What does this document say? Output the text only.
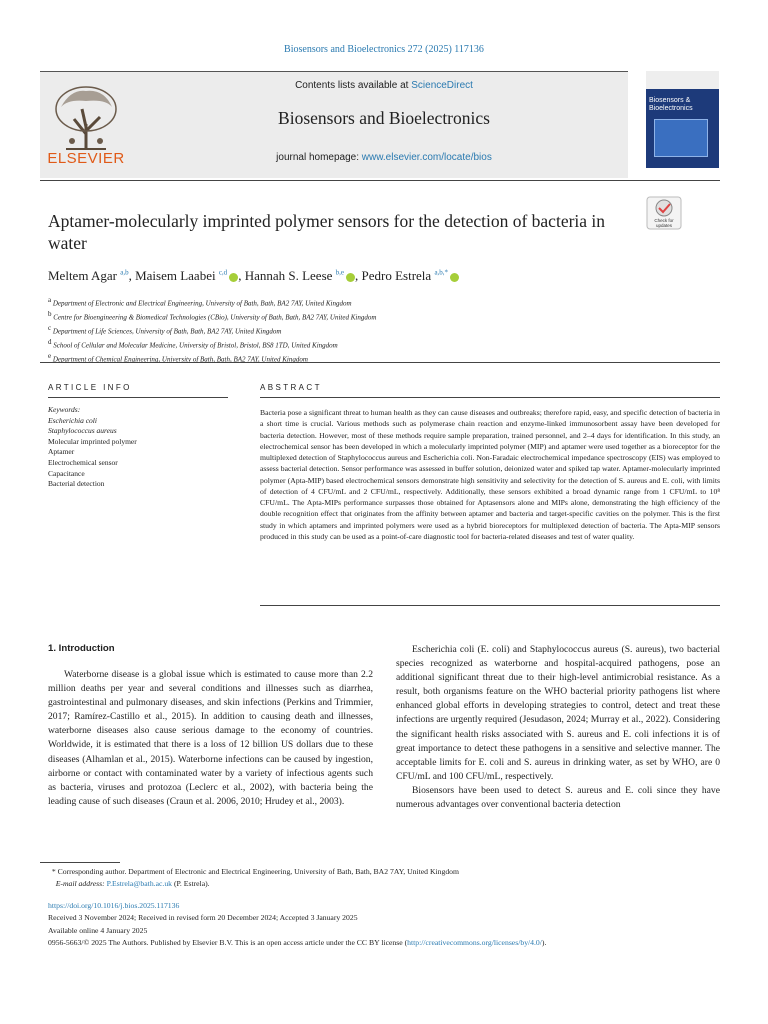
Biosensors and Bioelectronics 272 (2025) 117136
ELSEVIER
Contents lists available at ScienceDirect
Biosensors and Bioelectronics
journal homepage: www.elsevier.com/locate/bios
Biosensors & Bioelectronics
Check for updates
Aptamer-molecularly imprinted polymer sensors for the detection of bacteria in water
Meltem Agar $^{a,b}$, Maisem Laabei $^{c,d}$ , Hannah S. Leese $^{b,e}$ , Pedro Estrela $^{a,b,*}$
$^a$ Department of Electronic and Electrical Engineering, University of Bath, Bath, BA2 7AY, United Kingdom
$^b$ Centre for Bioengineering & Biomedical Technologies (CBio), University of Bath, Bath, BA2 7AY, United Kingdom
$^c$ Department of Life Sciences, University of Bath, Bath, BA2 7AY, United Kingdom
$^d$ School of Cellular and Molecular Medicine, University of Bristol, Bristol, BS8 1TD, United Kingdom
$^e$ Department of Chemical Engineering, University of Bath, Bath, BA2 7AY, United Kingdom
ARTICLE INFO	ABSTRACT
Keywords:
Escherichia coli
Staphylococcus aureus
Molecular imprinted polymer
Aptamer
Electrochemical sensor
Capacitance
Bacterial detection
Bacteria pose a significant threat to human health as they can cause diseases and outbreaks; therefore rapid, easy, and specific detection of bacteria in a short time is crucial. Various methods such as polymerase chain reaction and enzyme-linked immunosorbent assay have been developed for bacteria detection. However, most of these methods require sample preparation, trained personnel, and 2–4 days for identification. In this study, an electrochemical sensor has been developed in which a molecularly imprinted polymer (MIP) and aptamer were used together as a bioreceptor for the multiplexed detection of Staphylococcus aureus and Escherichia coli. Non-Faradaic electrochemical impedance spectroscopy (EIS) was employed to assess bacterial detection. Sensor performance was assessed in buffer solution, deionized water and spiked tap water. Aptamer-molecularly imprinted polymer (Apta-MIP) based electrochemical sensors demonstrate high sensitivity and selectivity for the detection of S. aureus and E. coli, with limits of detection of 4 CFU/mL and 2 CFU/mL, respectively. Additionally, these sensors exhibited a broad dynamic range from 1 CFU/mL to 10⁸ CFU/mL. The Apta-MIPs performance surpasses those obtained for Aptasensors alone and MIPs alone, demonstrating the high efficiency of the double recognition effect that originates from the affinity between aptamer and bacteria and target-specific cavities on the polymer. This is the first study in which aptamers and imprinted polymers were used as a hybrid bioreceptors for multiplexed detection of bacteria. The Apta-MIP sensors produced in this study can be used as a point-of-care diagnostic tool for bacteria-related diseases and test of water quality.
1. Introduction

Waterborne disease is a global issue which is estimated to cause more than 2.2 million deaths per year and several conditions and illnesses such as diarrhea, gastrointestinal and pulmonary diseases, and skin infections (Perkins and Trimmier, 2017; Ramírez-Castillo et al., 2015). In addition to causing death and illnesses, waterborne diseases also cause serious damage to the economy of countries. Worldwide, it is estimated that there is a loss of 12 billion US dollars due to these diseases (Alhamlan et al., 2015). Waterborne infections can be caused by ingestion, airborne or contact with contaminated water by a variety of infectious agents such as bacteria, viruses and protozoa (Leclerc et al., 2002), with bacteria being the leading cause of such diseases (Craun et al. 2006, 2010; Hrudey et al., 2003).

Escherichia coli (E. coli) and Staphylococcus aureus (S. aureus), two bacterial species recognized as waterborne and hospital-acquired pathogens, pose an additional significant threat due to their high-level antimicrobial resistance. As a result, both organisms feature on the WHO bacterial priority pathogens list where enhanced global efforts in developing strategies to control, detect and treat these infections are urgently required (Jesudason, 2024; Murray et al., 2022). Considering the significant health risks associated with S. aureus and E. coli infections it is of great importance to detect these pathogens in a sensitive and selective manner. The acceptable limits for E. coli and S. aureus in drinking water, as set by WHO, are 0 CFU/mL and 100 CFU/mL, respectively.

Biosensors have been used to detect S. aureus and E. coli since they have numerous advantages over conventional bacteria detection

* Corresponding author. Department of Electronic and Electrical Engineering, University of Bath, Bath, BA2 7AY, United Kingdom
E-mail address: P.Estrela@bath.ac.uk (P. Estrela).
https://doi.org/10.1016/j.bios.2025.117136
Received 3 November 2024; Received in revised form 20 December 2024; Accepted 3 January 2025
Available online 4 January 2025
0956-5663/© 2025 The Authors. Published by Elsevier B.V. This is an open access article under the CC BY license (http://creativecommons.org/licenses/by/4.0/).
